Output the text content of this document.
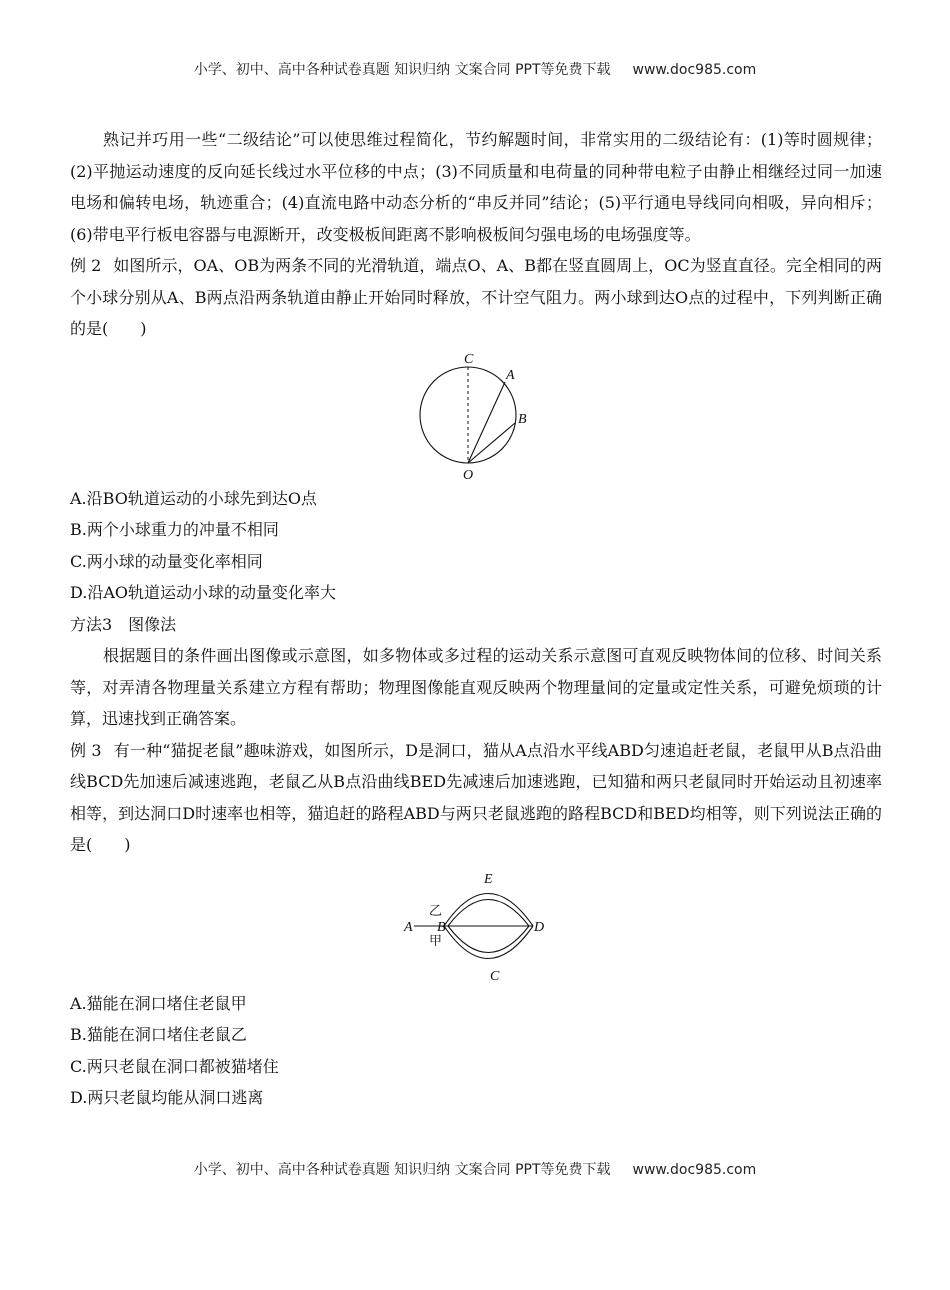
小学、初中、高中各种试卷真题 知识归纳 文案合同 PPT等免费下载 www.doc985.com

熟记并巧用一些“二级结论”可以使思维过程简化，节约解题时间，非常实用的二级结论有：(1)等时圆规律；(2)平抛运动速度的反向延长线过水平位移的中点；(3)不同质量和电荷量的同种带电粒子由静止相继经过同一加速电场和偏转电场，轨迹重合；(4)直流电路中动态分析的“串反并同”结论；(5)平行通电导线同向相吸，异向相斥；(6)带电平行板电容器与电源断开，改变极板间距离不影响极板间匀强电场的电场强度等。

例 2 如图所示，OA、OB为两条不同的光滑轨道，端点O、A、B都在竖直圆周上，OC为竖直直径。完全相同的两个小球分别从A、B两点沿两条轨道由静止开始同时释放，不计空气阻力。两小球到达O点的过程中，下列判断正确的是(　　)

C
A
B
O

A.沿BO轨道运动的小球先到达O点

B.两个小球重力的冲量不相同

C.两小球的动量变化率相同

D.沿AO轨道运动小球的动量变化率大

方法3　图像法

根据题目的条件画出图像或示意图，如多物体或多过程的运动关系示意图可直观反映物体间的位移、时间关系等，对弄清各物理量关系建立方程有帮助；物理图像能直观反映两个物理量间的定量或定性关系，可避免烦琐的计算，迅速找到正确答案。

例 3 有一种“猫捉老鼠”趣味游戏，如图所示，D是洞口，猫从A点沿水平线ABD匀速追赶老鼠，老鼠甲从B点沿曲线BCD先加速后减速逃跑，老鼠乙从B点沿曲线BED先减速后加速逃跑，已知猫和两只老鼠同时开始运动且初速率相等，到达洞口D时速率也相等，猫追赶的路程ABD与两只老鼠逃跑的路程BCD和BED均相等，则下列说法正确的是(　　)

E
乙
A B	D
甲
C

A.猫能在洞口堵住老鼠甲

B.猫能在洞口堵住老鼠乙

C.两只老鼠在洞口都被猫堵住

D.两只老鼠均能从洞口逃离

小学、初中、高中各种试卷真题 知识归纳 文案合同 PPT等免费下载 www.doc985.com
